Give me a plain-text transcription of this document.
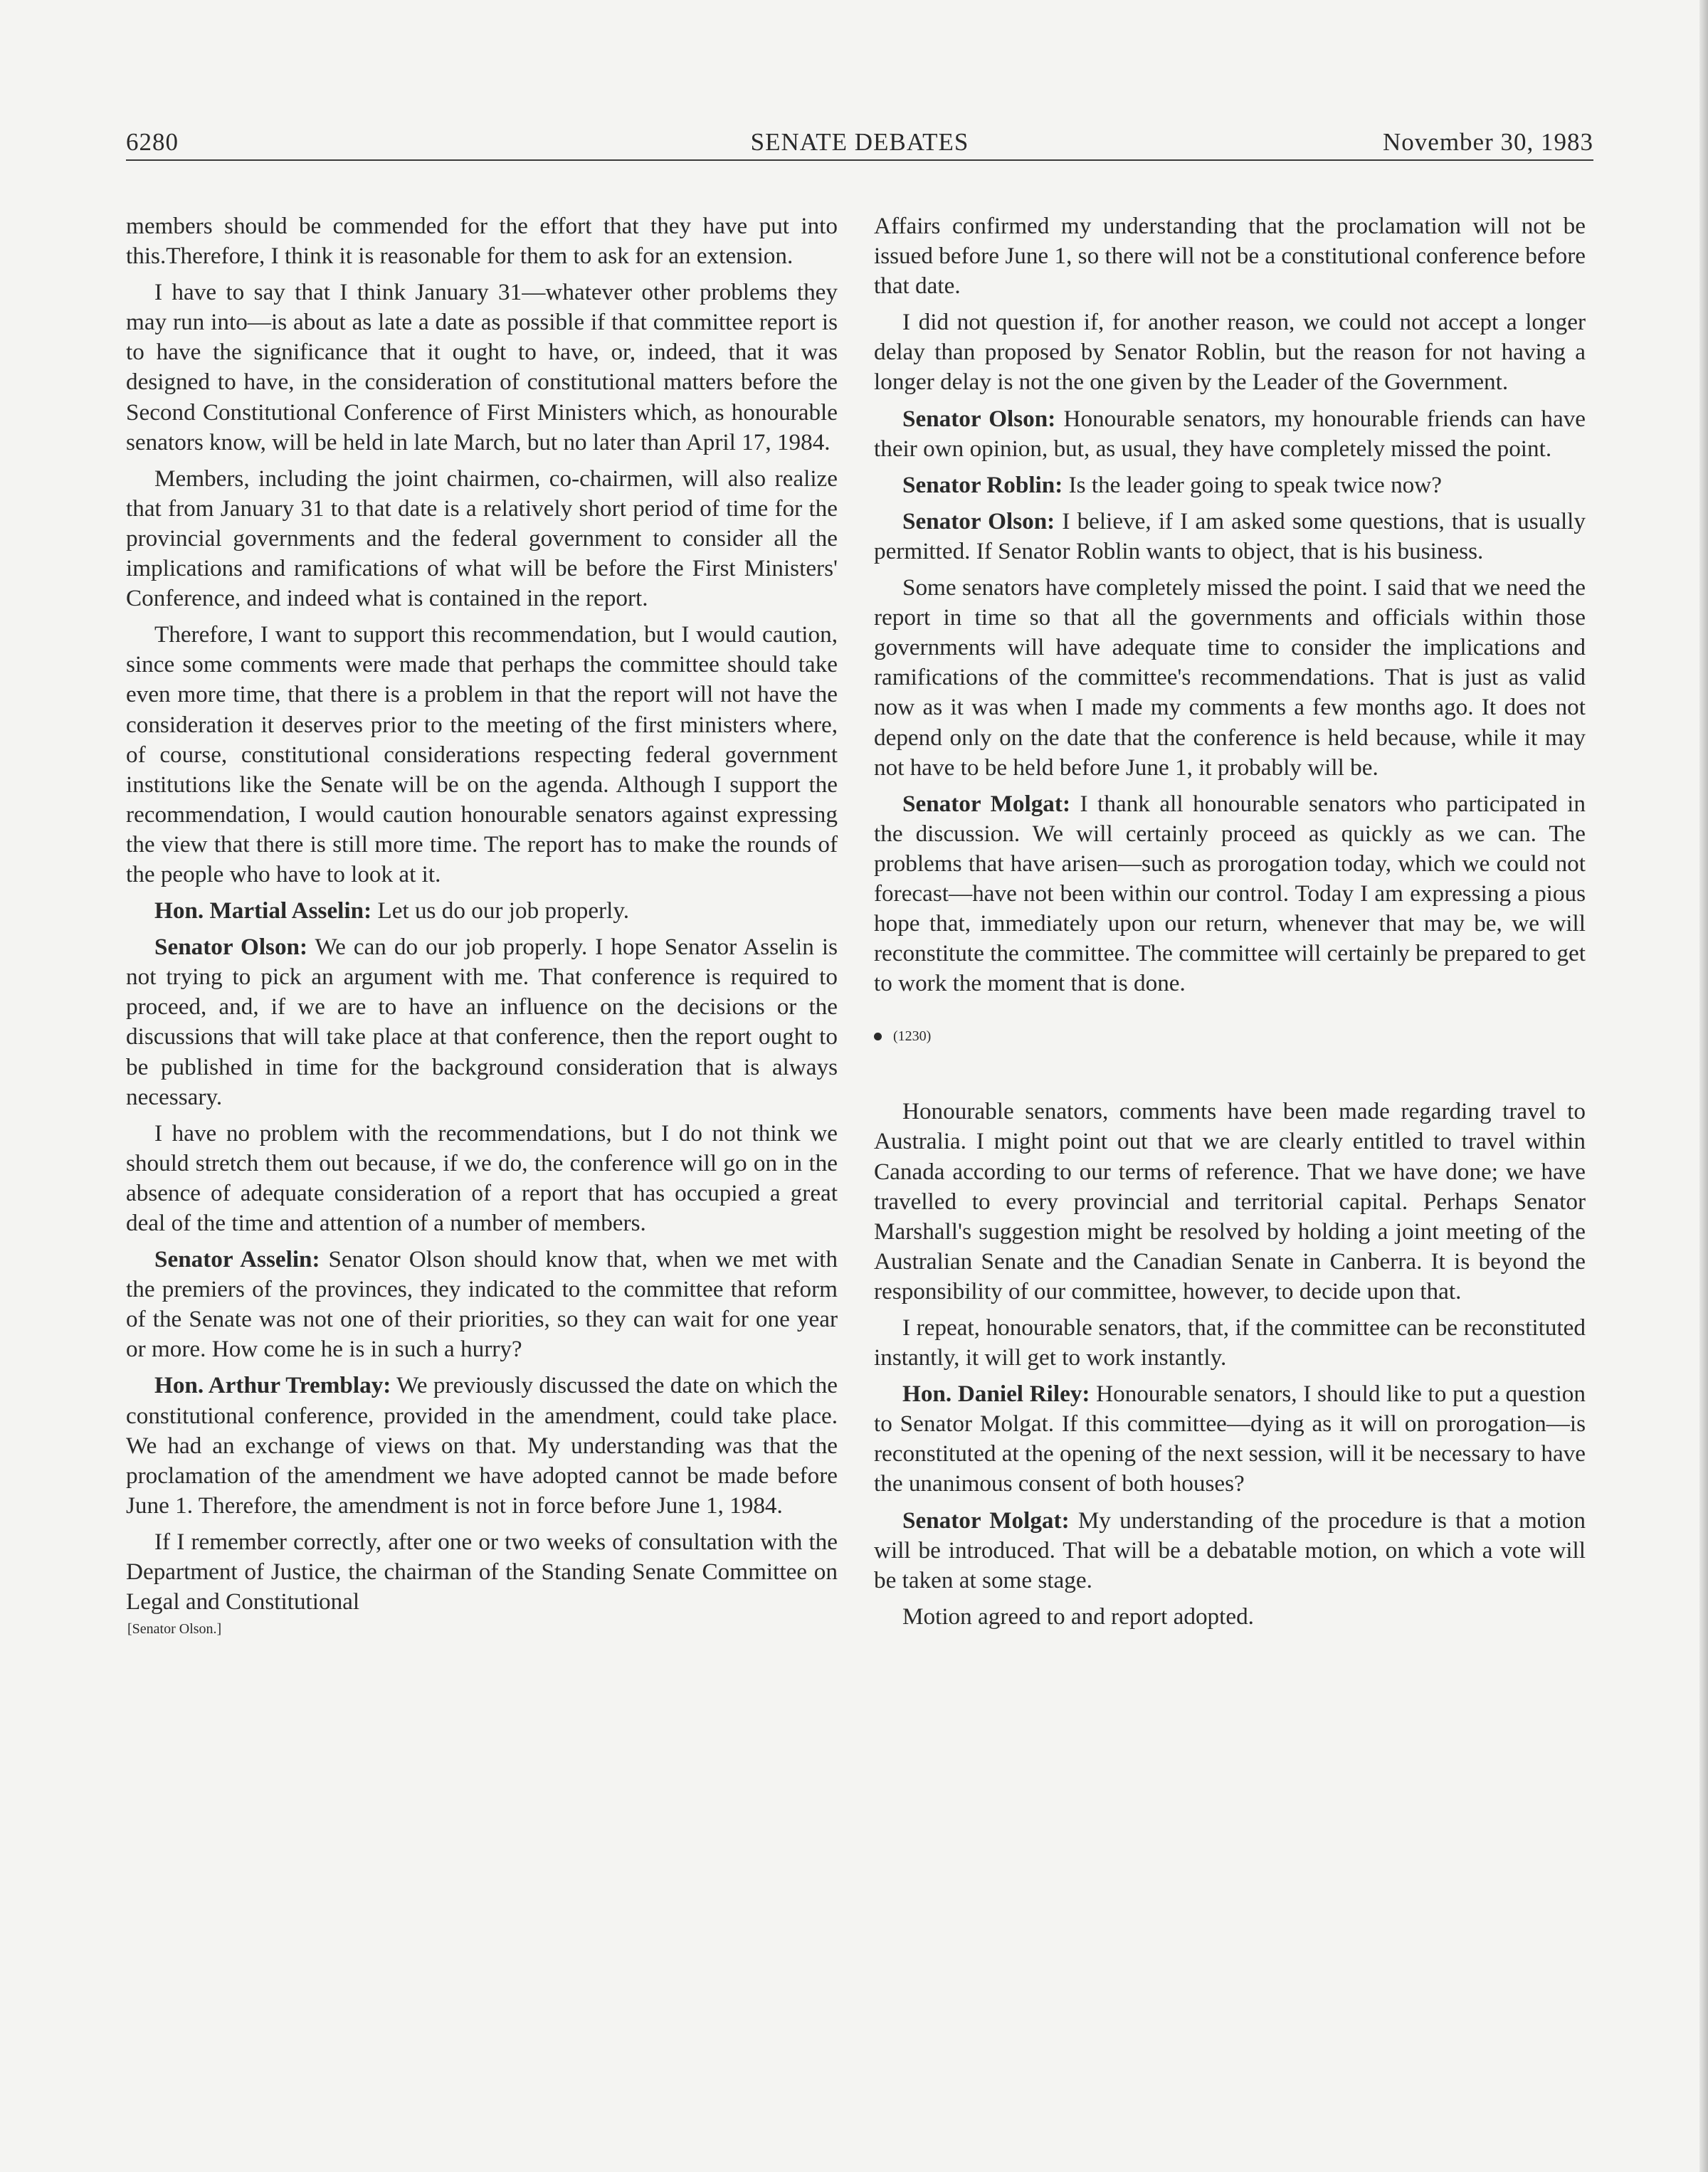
6280	SENATE DEBATES	November 30, 1983

members should be commended for the effort that they have put into this.Therefore, I think it is reasonable for them to ask for an extension.

I have to say that I think January 31—whatever other problems they may run into—is about as late a date as possible if that committee report is to have the significance that it ought to have, or, indeed, that it was designed to have, in the consideration of constitutional matters before the Second Constitutional Conference of First Ministers which, as honourable senators know, will be held in late March, but no later than April 17, 1984.

Members, including the joint chairmen, co-chairmen, will also realize that from January 31 to that date is a relatively short period of time for the provincial governments and the federal government to consider all the implications and ramifications of what will be before the First Ministers' Conference, and indeed what is contained in the report.

Therefore, I want to support this recommendation, but I would caution, since some comments were made that perhaps the committee should take even more time, that there is a problem in that the report will not have the consideration it deserves prior to the meeting of the first ministers where, of course, constitutional considerations respecting federal government institutions like the Senate will be on the agenda. Although I support the recommendation, I would caution honourable senators against expressing the view that there is still more time. The report has to make the rounds of the people who have to look at it.

Hon. Martial Asselin: Let us do our job properly.

Senator Olson: We can do our job properly. I hope Senator Asselin is not trying to pick an argument with me. That conference is required to proceed, and, if we are to have an influence on the decisions or the discussions that will take place at that conference, then the report ought to be published in time for the background consideration that is always necessary.

I have no problem with the recommendations, but I do not think we should stretch them out because, if we do, the conference will go on in the absence of adequate consideration of a report that has occupied a great deal of the time and attention of a number of members.

Senator Asselin: Senator Olson should know that, when we met with the premiers of the provinces, they indicated to the committee that reform of the Senate was not one of their priorities, so they can wait for one year or more. How come he is in such a hurry?

Hon. Arthur Tremblay: We previously discussed the date on which the constitutional conference, provided in the amendment, could take place. We had an exchange of views on that. My understanding was that the proclamation of the amendment we have adopted cannot be made before June 1. Therefore, the amendment is not in force before June 1, 1984.

If I remember correctly, after one or two weeks of consultation with the Department of Justice, the chairman of the Standing Senate Committee on Legal and Constitutional

[Senator Olson.]

Affairs confirmed my understanding that the proclamation will not be issued before June 1, so there will not be a constitutional conference before that date.

I did not question if, for another reason, we could not accept a longer delay than proposed by Senator Roblin, but the reason for not having a longer delay is not the one given by the Leader of the Government.

Senator Olson: Honourable senators, my honourable friends can have their own opinion, but, as usual, they have completely missed the point.

Senator Roblin: Is the leader going to speak twice now?

Senator Olson: I believe, if I am asked some questions, that is usually permitted. If Senator Roblin wants to object, that is his business.

Some senators have completely missed the point. I said that we need the report in time so that all the governments and officials within those governments will have adequate time to consider the implications and ramifications of the committee's recommendations. That is just as valid now as it was when I made my comments a few months ago. It does not depend only on the date that the conference is held because, while it may not have to be held before June 1, it probably will be.

Senator Molgat: I thank all honourable senators who participated in the discussion. We will certainly proceed as quickly as we can. The problems that have arisen—such as prorogation today, which we could not forecast—have not been within our control. Today I am expressing a pious hope that, immediately upon our return, whenever that may be, we will reconstitute the committee. The committee will certainly be prepared to get to work the moment that is done.

(1230)

Honourable senators, comments have been made regarding travel to Australia. I might point out that we are clearly entitled to travel within Canada according to our terms of reference. That we have done; we have travelled to every provincial and territorial capital. Perhaps Senator Marshall's suggestion might be resolved by holding a joint meeting of the Australian Senate and the Canadian Senate in Canberra. It is beyond the responsibility of our committee, however, to decide upon that.

I repeat, honourable senators, that, if the committee can be reconstituted instantly, it will get to work instantly.

Hon. Daniel Riley: Honourable senators, I should like to put a question to Senator Molgat. If this committee—dying as it will on prorogation—is reconstituted at the opening of the next session, will it be necessary to have the unanimous consent of both houses?

Senator Molgat: My understanding of the procedure is that a motion will be introduced. That will be a debatable motion, on which a vote will be taken at some stage.

Motion agreed to and report adopted.
